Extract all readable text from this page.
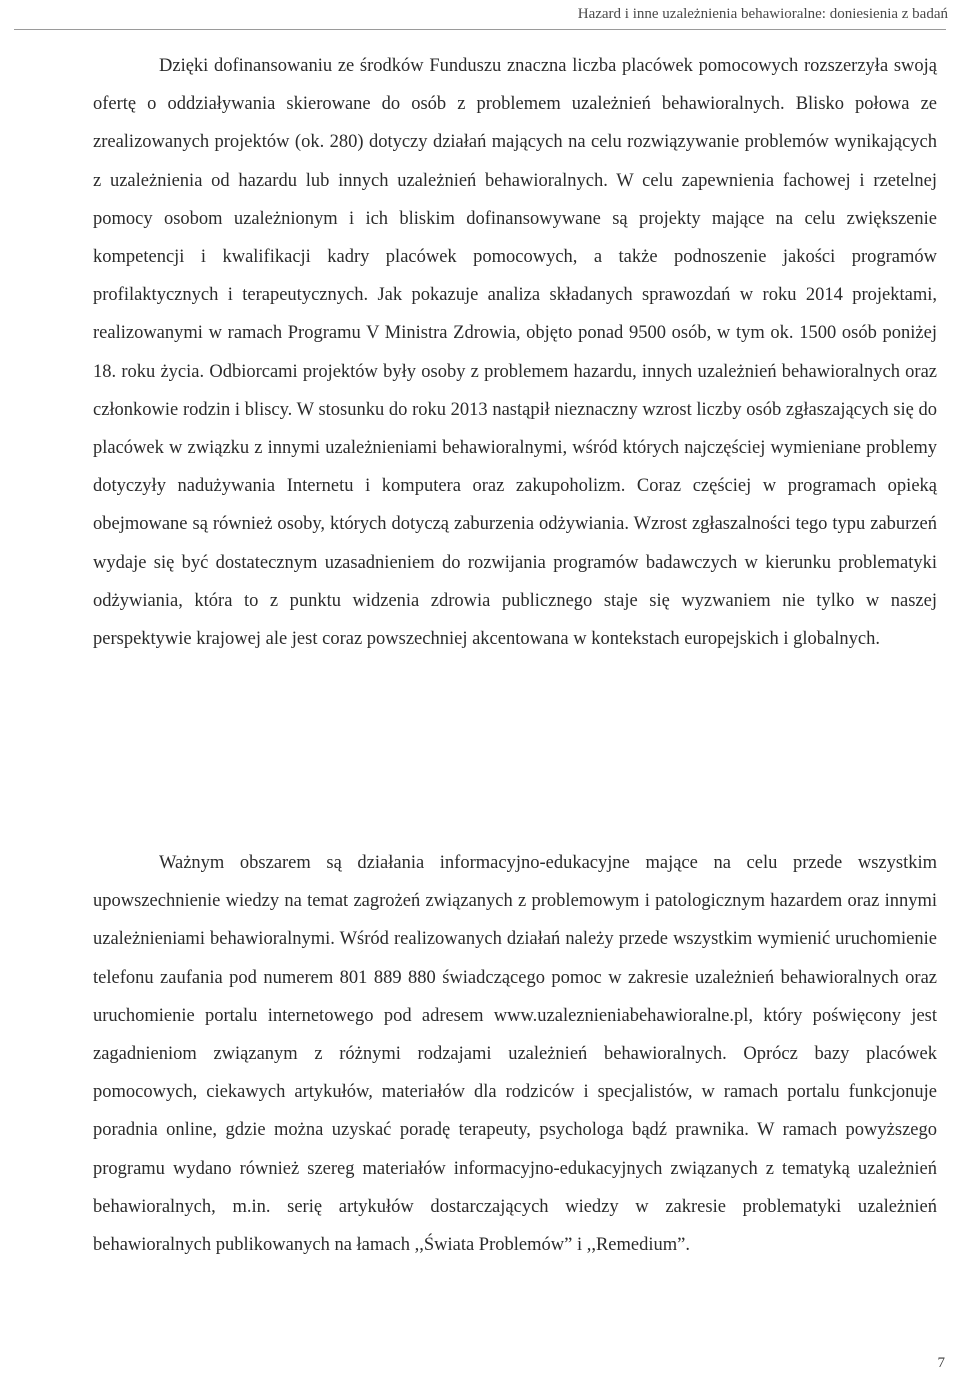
Hazard i inne uzależnienia behawioralne: doniesienia z badań

Dzięki dofinansowaniu ze środków Funduszu znaczna liczba placówek pomocowych rozszerzyła swoją ofertę o oddziaływania skierowane do osób z problemem uzależnień behawioralnych. Blisko połowa ze zrealizowanych projektów (ok. 280) dotyczy działań mających na celu rozwiązywanie problemów wynikających z uzależnienia od hazardu lub innych uzależnień behawioralnych. W celu zapewnienia fachowej i rzetelnej pomocy osobom uzależnionym i ich bliskim dofinansowywane są projekty mające na celu zwiększenie kompetencji i kwalifikacji kadry placówek pomocowych, a także podnoszenie jakości programów profilaktycznych i terapeutycznych. Jak pokazuje analiza składanych sprawozdań w roku 2014 projektami, realizowanymi w ramach Programu V Ministra Zdrowia, objęto ponad 9500 osób, w tym ok. 1500 osób poniżej 18. roku życia. Odbiorcami projektów były osoby z problemem hazardu, innych uzależnień behawioralnych oraz członkowie rodzin i bliscy. W stosunku do roku 2013 nastąpił nieznaczny wzrost liczby osób zgłaszających się do placówek w związku z innymi uzależnieniami behawioralnymi, wśród których najczęściej wymieniane problemy dotyczyły nadużywania Internetu i komputera oraz zakupoholizm. Coraz częściej w programach opieką obejmowane są również osoby, których dotyczą zaburzenia odżywiania. Wzrost zgłaszalności tego typu zaburzeń wydaje się być dostatecznym uzasadnieniem do rozwijania programów badawczych w kierunku problematyki odżywiania, która to z punktu widzenia zdrowia publicznego staje się wyzwaniem nie tylko w naszej perspektywie krajowej ale jest coraz powszechniej akcentowana w kontekstach europejskich i globalnych.

Ważnym obszarem są działania informacyjno-edukacyjne mające na celu przede wszystkim upowszechnienie wiedzy na temat zagrożeń związanych z problemowym i patologicznym hazardem oraz innymi uzależnieniami behawioralnymi. Wśród realizowanych działań należy przede wszystkim wymienić uruchomienie telefonu zaufania pod numerem 801 889 880 świadczącego pomoc w zakresie uzależnień behawioralnych oraz uruchomienie portalu internetowego pod adresem www.uzaleznieniabehawioralne.pl, który poświęcony jest zagadnieniom związanym z różnymi rodzajami uzależnień behawioralnych. Oprócz bazy placówek pomocowych, ciekawych artykułów, materiałów dla rodziców i specjalistów, w ramach portalu funkcjonuje poradnia online, gdzie można uzyskać poradę terapeuty, psychologa bądź prawnika. W ramach powyższego programu wydano również szereg materiałów informacyjno-edukacyjnych związanych z tematyką uzależnień behawioralnych, m.in. serię artykułów dostarczających wiedzy w zakresie problematyki uzależnień behawioralnych publikowanych na łamach ,,Świata Problemów” i ,,Remedium”.

7
